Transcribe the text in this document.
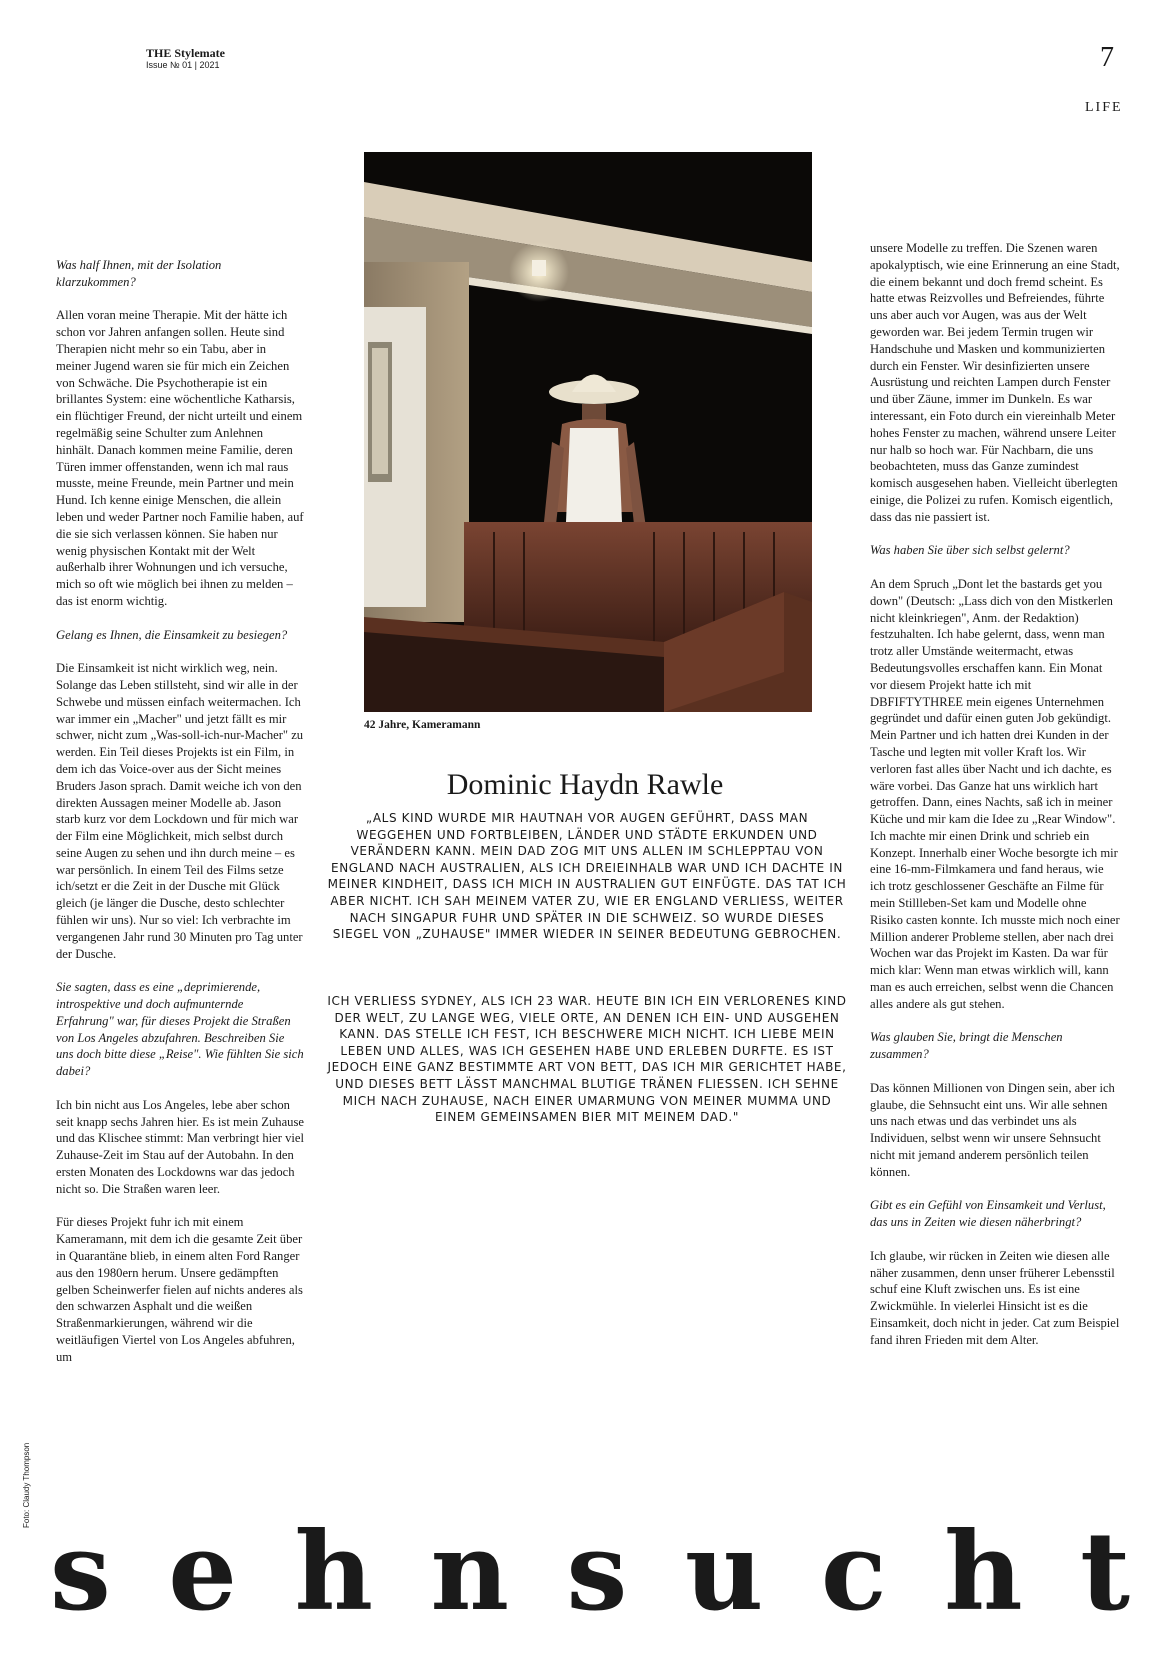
THE Stylemate
Issue № 01 | 2021	7
LIFE

Was half Ihnen, mit der Isolation klarzukommen?

Allen voran meine Therapie. Mit der hätte ich schon vor Jahren anfangen sollen. Heute sind Therapien nicht mehr so ein Tabu, aber in meiner Jugend waren sie für mich ein Zeichen von Schwäche. Die Psychotherapie ist ein brillantes System: eine wöchentliche Katharsis, ein flüchtiger Freund, der nicht urteilt und einem regelmäßig seine Schulter zum Anlehnen hinhält. Danach kommen meine Familie, deren Türen immer offenstanden, wenn ich mal raus musste, meine Freunde, mein Partner und mein Hund. Ich kenne einige Menschen, die allein leben und weder Partner noch Familie haben, auf die sie sich verlassen können. Sie haben nur wenig physischen Kontakt mit der Welt außerhalb ihrer Wohnungen und ich versuche, mich so oft wie möglich bei ihnen zu melden – das ist enorm wichtig.

Gelang es Ihnen, die Einsamkeit zu besiegen?

Die Einsamkeit ist nicht wirklich weg, nein. Solange das Leben stillsteht, sind wir alle in der Schwebe und müssen einfach weitermachen. Ich war immer ein „Macher" und jetzt fällt es mir schwer, nicht zum „Was-soll-ich-nur-Macher" zu werden. Ein Teil dieses Projekts ist ein Film, in dem ich das Voice-over aus der Sicht meines Bruders Jason sprach. Damit weiche ich von den direkten Aussagen meiner Modelle ab. Jason starb kurz vor dem Lockdown und für mich war der Film eine Möglichkeit, mich selbst durch seine Augen zu sehen und ihn durch meine – es war persönlich. In einem Teil des Films setze ich/setzt er die Zeit in der Dusche mit Glück gleich (je länger die Dusche, desto schlechter fühlen wir uns). Nur so viel: Ich verbrachte im vergangenen Jahr rund 30 Minuten pro Tag unter der Dusche.

Sie sagten, dass es eine „deprimierende, introspektive und doch aufmunternde Erfahrung" war, für dieses Projekt die Straßen von Los Angeles abzufahren. Beschreiben Sie uns doch bitte diese „Reise". Wie fühlten Sie sich dabei?

Ich bin nicht aus Los Angeles, lebe aber schon seit knapp sechs Jahren hier. Es ist mein Zuhause und das Klischee stimmt: Man verbringt hier viel Zuhause-Zeit im Stau auf der Autobahn. In den ersten Monaten des Lockdowns war das jedoch nicht so. Die Straßen waren leer.

Für dieses Projekt fuhr ich mit einem Kameramann, mit dem ich die gesamte Zeit über in Quarantäne blieb, in einem alten Ford Ranger aus den 1980ern herum. Unsere gedämpften gelben Scheinwerfer fielen auf nichts anderes als den schwarzen Asphalt und die weißen Straßenmarkierungen, während wir die weitläufigen Viertel von Los Angeles abfuhren, um

42 Jahre, Kameramann
Dominic Haydn Rawle
„ALS KIND WURDE MIR HAUTNAH VOR AUGEN GEFÜHRT, DASS MAN WEGGEHEN UND FORTBLEIBEN, LÄNDER UND STÄDTE ERKUNDEN UND VERÄNDERN KANN. MEIN DAD ZOG MIT UNS ALLEN IM SCHLEPPTAU VON ENGLAND NACH AUSTRALIEN, ALS ICH DREIEINHALB WAR UND ICH DACHTE IN MEINER KINDHEIT, DASS ICH MICH IN AUSTRALIEN GUT EINFÜGTE. DAS TAT ICH ABER NICHT. ICH SAH MEINEM VATER ZU, WIE ER ENGLAND VERLIESS, WEITER NACH SINGAPUR FUHR UND SPÄTER IN DIE SCHWEIZ. SO WURDE DIESES SIEGEL VON „ZUHAUSE" IMMER WIEDER IN SEINER BEDEUTUNG GEBROCHEN.
ICH VERLIESS SYDNEY, ALS ICH 23 WAR. HEUTE BIN ICH EIN VERLORENES KIND DER WELT, ZU LANGE WEG, VIELE ORTE, AN DENEN ICH EIN- UND AUSGEHEN KANN. DAS STELLE ICH FEST, ICH BESCHWERE MICH NICHT. ICH LIEBE MEIN LEBEN UND ALLES, WAS ICH GESEHEN HABE UND ERLEBEN DURFTE. ES IST JEDOCH EINE GANZ BESTIMMTE ART VON BETT, DAS ICH MIR GERICHTET HABE, UND DIESES BETT LÄSST MANCHMAL BLUTIGE TRÄNEN FLIESSEN. ICH SEHNE MICH NACH ZUHAUSE, NACH EINER UMARMUNG VON MEINER MUMMA UND EINEM GEMEINSAMEN BIER MIT MEINEM DAD."

unsere Modelle zu treffen. Die Szenen waren apokalyptisch, wie eine Erinnerung an eine Stadt, die einem bekannt und doch fremd scheint. Es hatte etwas Reizvolles und Befreiendes, führte uns aber auch vor Augen, was aus der Welt geworden war. Bei jedem Termin trugen wir Handschuhe und Masken und kommunizierten durch ein Fenster. Wir desinfizierten unsere Ausrüstung und reichten Lampen durch Fenster und über Zäune, immer im Dunkeln. Es war interessant, ein Foto durch ein viereinhalb Meter hohes Fenster zu machen, während unsere Leiter nur halb so hoch war. Für Nachbarn, die uns beobachteten, muss das Ganze zumindest komisch ausgesehen haben. Vielleicht überlegten einige, die Polizei zu rufen. Komisch eigentlich, dass das nie passiert ist.

Was haben Sie über sich selbst gelernt?

An dem Spruch „Dont let the bastards get you down" (Deutsch: „Lass dich von den Mistkerlen nicht kleinkriegen", Anm. der Redaktion) festzuhalten. Ich habe gelernt, dass, wenn man trotz aller Umstände weitermacht, etwas Bedeutungsvolles erschaffen kann. Ein Monat vor diesem Projekt hatte ich mit DBFIFTYTHREE mein eigenes Unternehmen gegründet und dafür einen guten Job gekündigt. Mein Partner und ich hatten drei Kunden in der Tasche und legten mit voller Kraft los. Wir verloren fast alles über Nacht und ich dachte, es wäre vorbei. Das Ganze hat uns wirklich hart getroffen. Dann, eines Nachts, saß ich in meiner Küche und mir kam die Idee zu „Rear Window". Ich machte mir einen Drink und schrieb ein Konzept. Innerhalb einer Woche besorgte ich mir eine 16-mm-Filmkamera und fand heraus, wie ich trotz geschlossener Geschäfte an Filme für mein Stillleben-Set kam und Modelle ohne Risiko casten konnte. Ich musste mich noch einer Million anderer Probleme stellen, aber nach drei Wochen war das Projekt im Kasten. Da war für mich klar: Wenn man etwas wirklich will, kann man es auch erreichen, selbst wenn die Chancen alles andere als gut stehen.

Was glauben Sie, bringt die Menschen zusammen?

Das können Millionen von Dingen sein, aber ich glaube, die Sehnsucht eint uns. Wir alle sehnen uns nach etwas und das verbindet uns als Individuen, selbst wenn wir unsere Sehnsucht nicht mit jemand anderem persönlich teilen können.

Gibt es ein Gefühl von Einsamkeit und Verlust, das uns in Zeiten wie diesen näherbringt?

Ich glaube, wir rücken in Zeiten wie diesen alle näher zusammen, denn unser früherer Lebensstil schuf eine Kluft zwischen uns. Es ist eine Zwickmühle. In vielerlei Hinsicht ist es die Einsamkeit, doch nicht in jeder. Cat zum Beispiel fand ihren Frieden mit dem Alter.

Foto: Claudy Thompson
s e h n s u c h t
